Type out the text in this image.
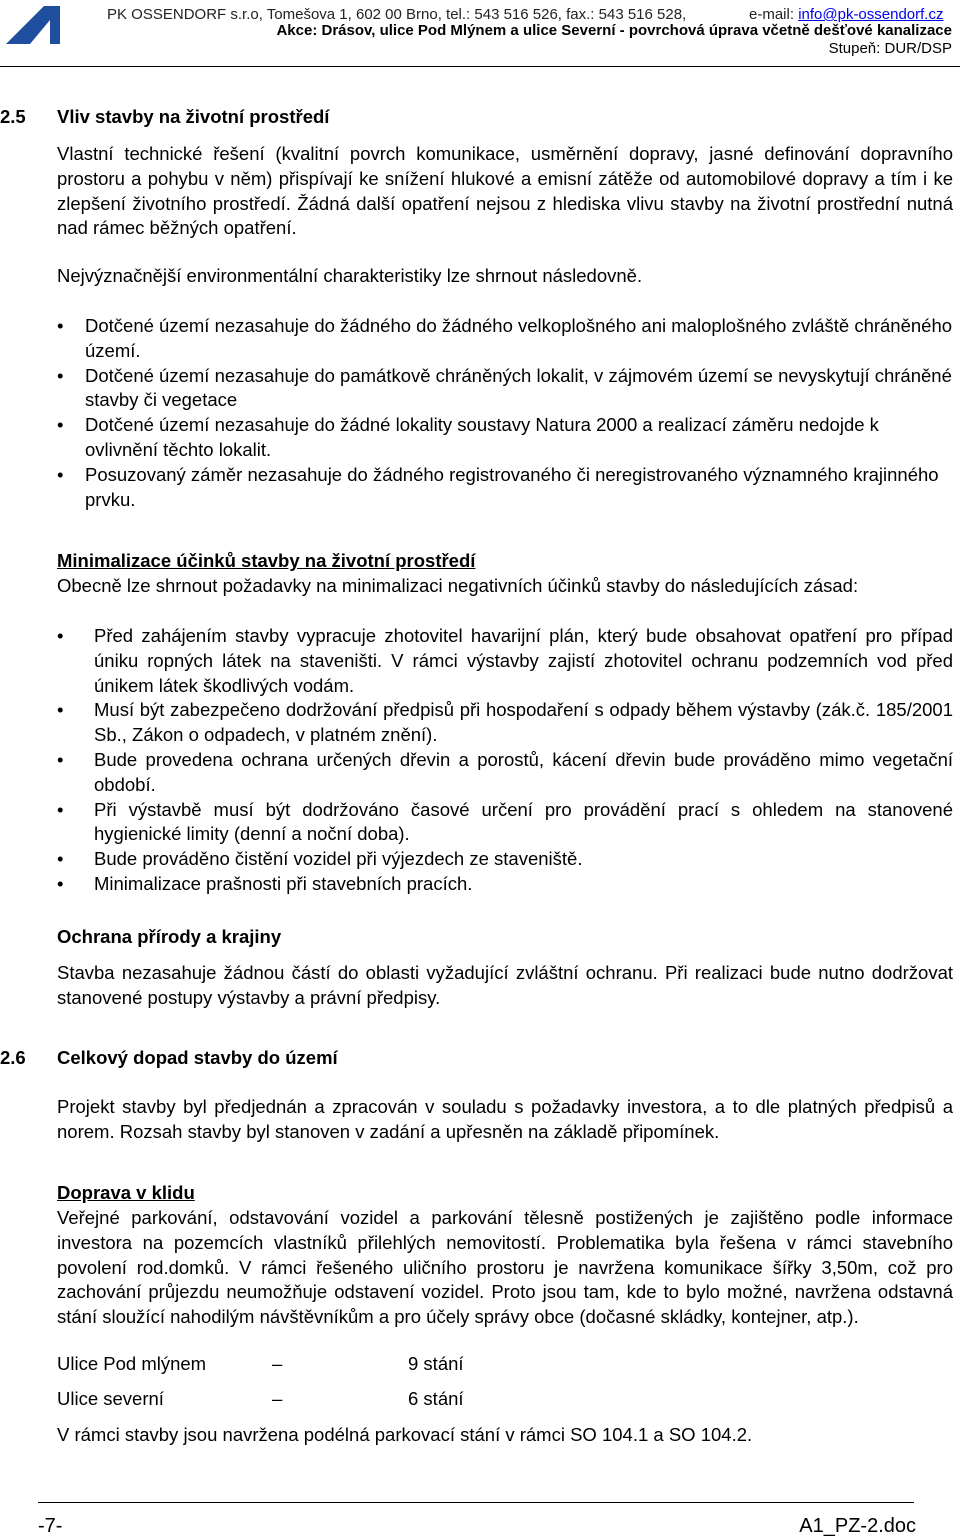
PK OSSENDORF s.r.o, Tomešova 1, 602 00 Brno, tel.: 543 516 526, fax.: 543 516 528,	e-mail: info@pk-ossendorf.cz
Akce: Drásov, ulice Pod Mlýnem a ulice Severní - povrchová úprava včetně dešťové kanalizace
Stupeň: DUR/DSP
2.5 Vliv stavby na životní prostředí
Vlastní technické řešení (kvalitní povrch komunikace, usměrnění dopravy, jasné definování dopravního prostoru a pohybu v něm) přispívají ke snížení hlukové a emisní zátěže od automobilové dopravy a tím i ke zlepšení životního prostředí. Žádná další opatření nejsou z hlediska vlivu stavby na životní prostřední nutná nad rámec běžných opatření.
Nejvýznačnější environmentální charakteristiky lze shrnout následovně.
• Dotčené území nezasahuje do žádného do žádného velkoplošného ani maloplošného zvláště chráněného území.
• Dotčené území nezasahuje do památkově chráněných lokalit, v zájmovém území se nevyskytují chráněné stavby či vegetace
• Dotčené území nezasahuje do žádné lokality soustavy Natura 2000 a realizací záměru nedojde k ovlivnění těchto lokalit.
• Posuzovaný záměr nezasahuje do žádného registrovaného či neregistrovaného významného krajinného prvku.
Minimalizace účinků stavby na životní prostředí
Obecně lze shrnout požadavky na minimalizaci negativních účinků stavby do následujících zásad:
• Před zahájením stavby vypracuje zhotovitel havarijní plán, který bude obsahovat opatření pro případ úniku ropných látek na staveništi. V rámci výstavby zajistí zhotovitel ochranu podzemních vod před únikem látek škodlivých vodám.
• Musí být zabezpečeno dodržování předpisů při hospodaření s odpady během výstavby (zák.č. 185/2001 Sb., Zákon o odpadech, v platném znění).
• Bude provedena ochrana určených dřevin a porostů, kácení dřevin bude prováděno mimo vegetační období.
• Při výstavbě musí být dodržováno časové určení pro provádění prací s ohledem na stanovené hygienické limity (denní a noční doba).
• Bude prováděno čistění vozidel při výjezdech ze staveniště.
• Minimalizace prašnosti při stavebních pracích.
Ochrana přírody a krajiny
Stavba nezasahuje žádnou částí do oblasti vyžadující zvláštní ochranu. Při realizaci bude nutno dodržovat stanovené postupy výstavby a právní předpisy.
2.6 Celkový dopad stavby do území
Projekt stavby byl předjednán a zpracován v souladu s požadavky investora, a to dle platných předpisů a norem. Rozsah stavby byl stanoven v zadání a upřesněn na základě připomínek.
Doprava v klidu
Veřejné parkování, odstavování vozidel a parkování tělesně postižených je zajištěno podle informace investora na pozemcích vlastníků přilehlých nemovitostí. Problematika byla řešena v rámci stavebního povolení rod.domků. V rámci řešeného uličního prostoru je navržena komunikace šířky 3,50m, což pro zachování průjezdu neumožňuje odstavení vozidel. Proto jsou tam, kde to bylo možné, navržena odstavná stání sloužící nahodilým návštěvníkům a pro účely správy obce (dočasné skládky, kontejner, atp.).
Ulice Pod mlýnem	–	9 stání
Ulice severní	–	6 stání
V rámci stavby jsou navržena podélná parkovací stání v rámci SO 104.1 a SO 104.2.
-7-	A1_PZ-2.doc
